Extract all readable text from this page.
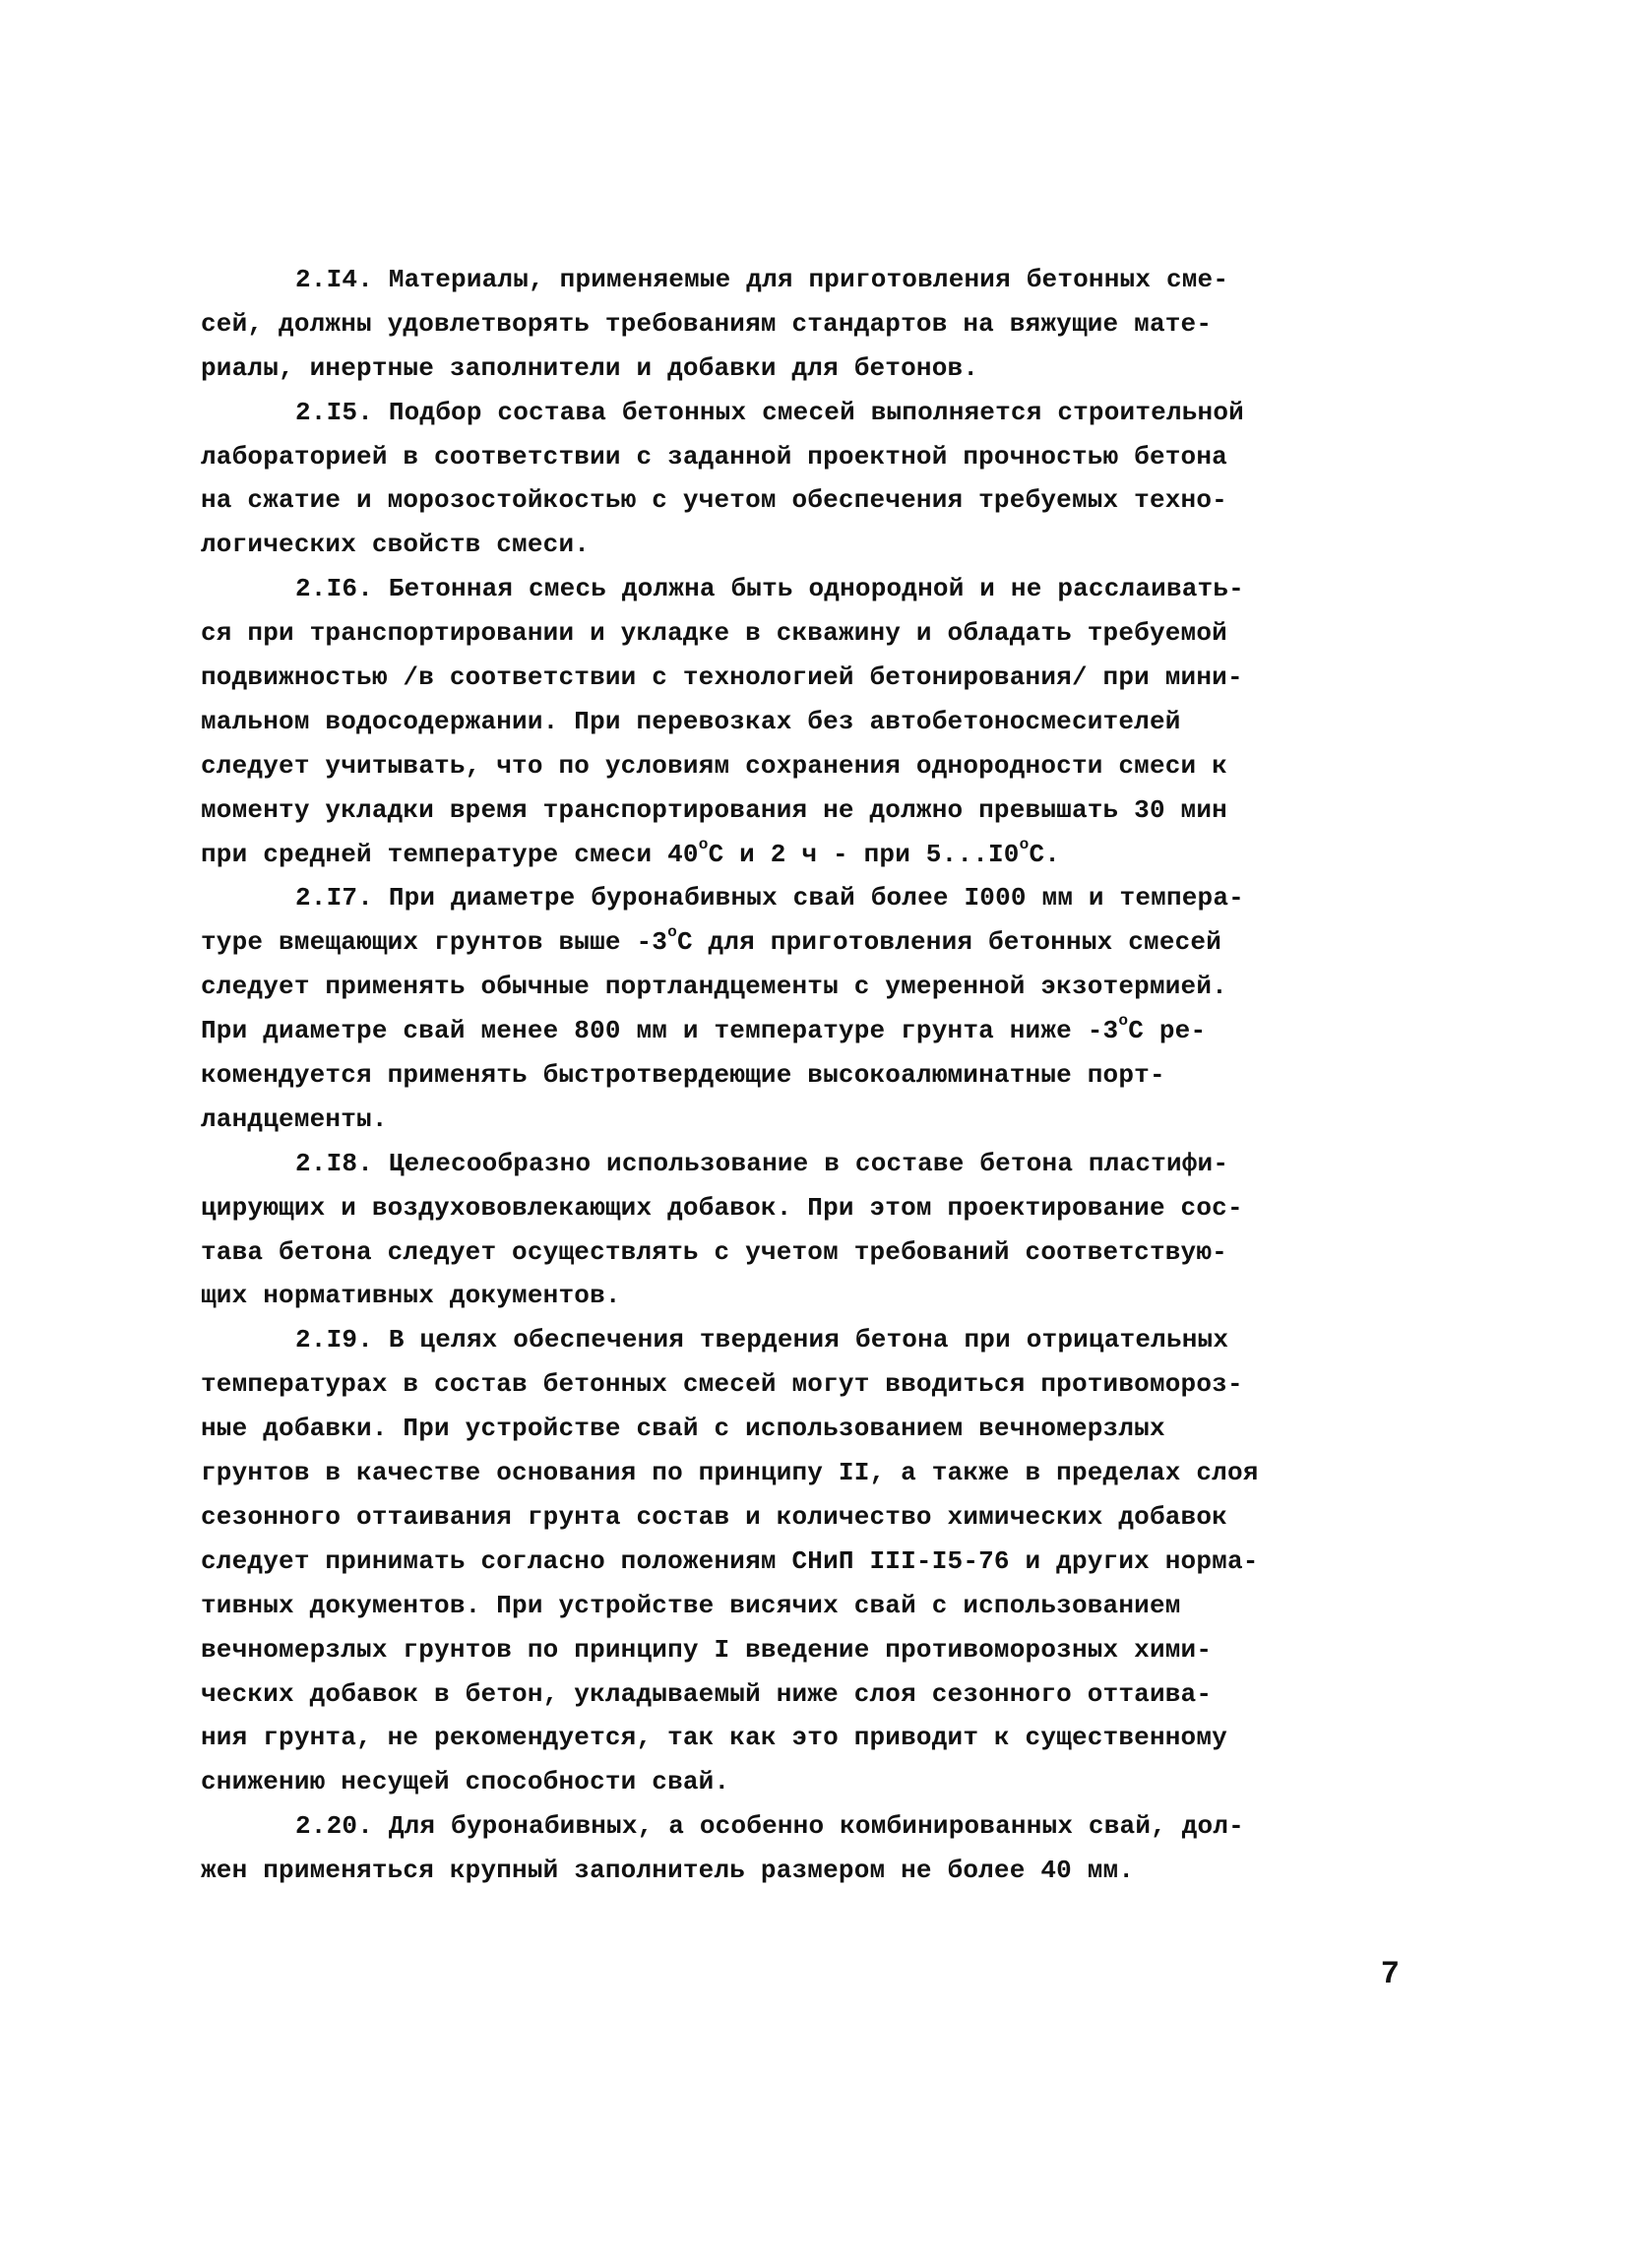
2.I4. Материалы, применяемые для приготовления бетонных сме-
сей, должны удовлетворять требованиям стандартов на вяжущие мате-
риалы, инертные заполнители и добавки для бетонов.
2.I5. Подбор состава бетонных смесей выполняется строительной
лабораторией в соответствии с заданной проектной прочностью бетона
на сжатие и морозостойкостью с учетом обеспечения требуемых техно-
логических свойств смеси.
2.I6. Бетонная смесь должна быть однородной и не расслаивать-
ся при транспортировании и укладке в скважину и обладать требуемой
подвижностью /в соответствии с технологией бетонирования/ при мини-
мальном водосодержании. При перевозках без автобетоносмесителей
следует учитывать, что по условиям сохранения однородности смеси к
моменту укладки время транспортирования не должно превышать 30 мин
при средней температуре смеси $40^оС$ и 2 ч - при $5...I0^оС$.
2.I7. При диаметре буронабивных свай более I000 мм и темпера-
туре вмещающих грунтов выше $-3^оС$ для приготовления бетонных смесей
следует применять обычные портландцементы с умеренной экзотермией.
При диаметре свай менее 800 мм и температуре грунта ниже $-3^оС$ ре-
комендуется применять быстротвердеющие высокоалюминатные порт-
ландцементы.
2.I8. Целесообразно использование в составе бетона пластифи-
цирующих и воздухововлекающих добавок. При этом проектирование сос-
тава бетона следует осуществлять с учетом требований соответствую-
щих нормативных документов.
2.I9. В целях обеспечения твердения бетона при отрицательных
температурах в состав бетонных смесей могут вводиться противомороз-
ные добавки. При устройстве свай с использованием вечномерзлых
грунтов в качестве основания по принципу II, а также в пределах слоя
сезонного оттаивания грунта состав и количество химических добавок
следует принимать согласно положениям СНиП III-I5-76 и других норма-
тивных документов. При устройстве висячих свай с использованием
вечномерзлых грунтов по принципу I введение противоморозных хими-
ческих добавок в бетон, укладываемый ниже слоя сезонного оттаива-
ния грунта, не рекомендуется, так как это приводит к существенному
снижению несущей способности свай.
2.20. Для буронабивных, а особенно комбинированных свай, дол-
жен применяться крупный заполнитель размером не более 40 мм.
7
